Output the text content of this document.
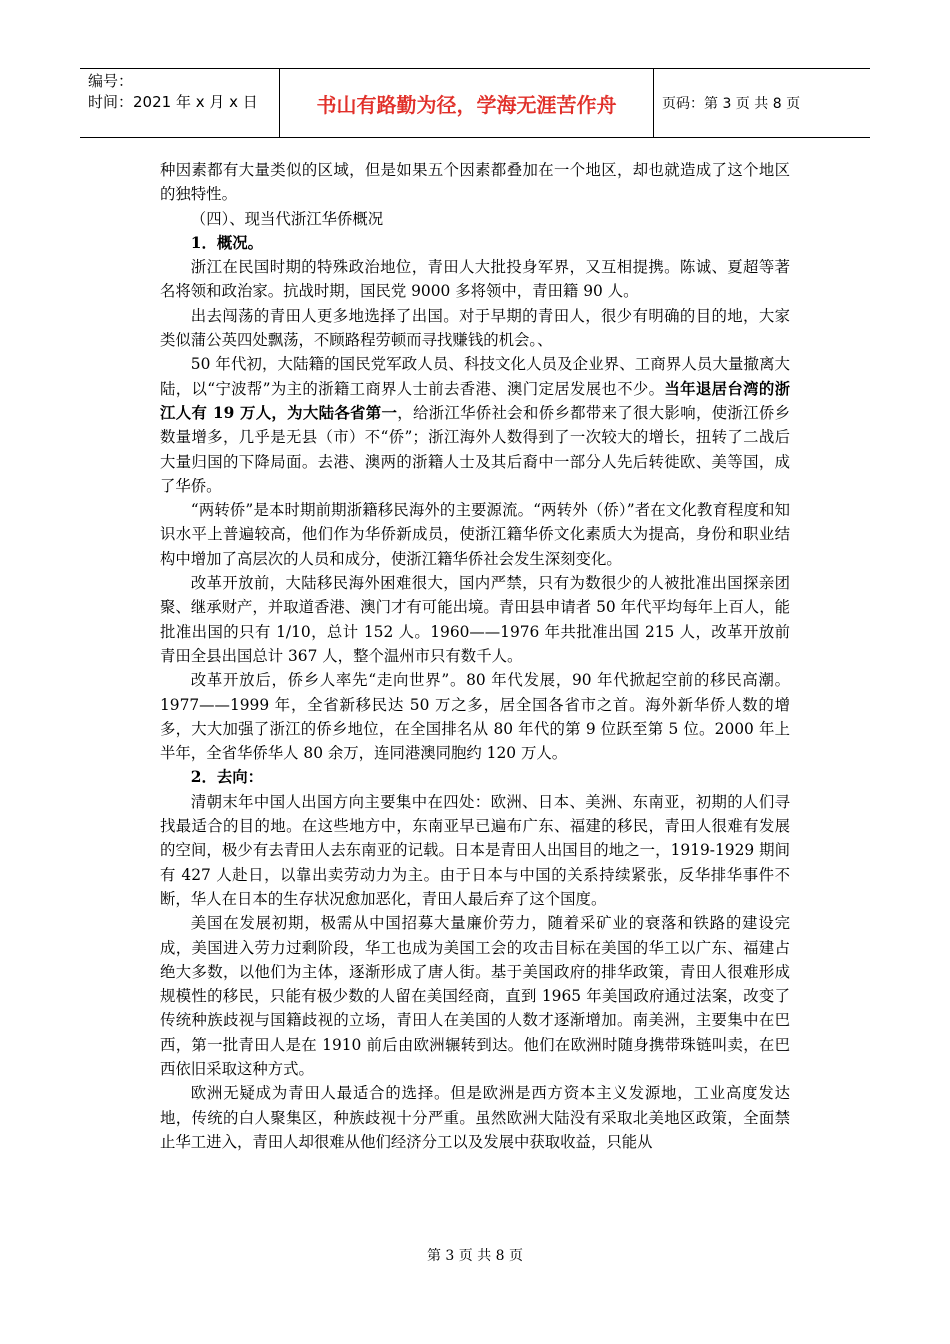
编号：
时间：2021 年 x 月 x 日	书山有路勤为径，学海无涯苦作舟	页码：第 3 页 共 8 页

种因素都有大量类似的区域，但是如果五个因素都叠加在一个地区，却也就造成了这个地区的独特性。

（四）、现当代浙江华侨概况

1．概况。

浙江在民国时期的特殊政治地位，青田人大批投身军界，又互相提携。陈诚、夏超等著名将领和政治家。抗战时期，国民党 9000 多将领中，青田籍 90 人。

出去闯荡的青田人更多地选择了出国。对于早期的青田人，很少有明确的目的地，大家类似蒲公英四处飘荡，不顾路程劳顿而寻找赚钱的机会。、

50 年代初，大陆籍的国民党军政人员、科技文化人员及企业界、工商界人员大量撤离大陆，以“宁波帮”为主的浙籍工商界人士前去香港、澳门定居发展也不少。当年退居台湾的浙江人有 19 万人，为大陆各省第一，给浙江华侨社会和侨乡都带来了很大影响，使浙江侨乡数量增多，几乎是无县（市）不“侨”；浙江海外人数得到了一次较大的增长，扭转了二战后大量归国的下降局面。去港、澳两的浙籍人士及其后裔中一部分人先后转徙欧、美等国，成了华侨。

“两转侨”是本时期前期浙籍移民海外的主要源流。“两转外（侨）”者在文化教育程度和知识水平上普遍较高，他们作为华侨新成员，使浙江籍华侨文化素质大为提高，身份和职业结构中增加了高层次的人员和成分，使浙江籍华侨社会发生深刻变化。

改革开放前，大陆移民海外困难很大，国内严禁，只有为数很少的人被批准出国探亲团聚、继承财产，并取道香港、澳门才有可能出境。青田县申请者 50 年代平均每年上百人，能批准出国的只有 1/10，总计 152 人。1960——1976 年共批准出国 215 人，改革开放前青田全县出国总计 367 人，整个温州市只有数千人。

改革开放后，侨乡人率先“走向世界”。80 年代发展，90 年代掀起空前的移民高潮。1977——1999 年，全省新移民达 50 万之多，居全国各省市之首。海外新华侨人数的增多，大大加强了浙江的侨乡地位，在全国排名从 80 年代的第 9 位跃至第 5 位。2000 年上半年，全省华侨华人 80 余万，连同港澳同胞约 120 万人。

2．去向：

清朝末年中国人出国方向主要集中在四处：欧洲、日本、美洲、东南亚，初期的人们寻找最适合的目的地。在这些地方中，东南亚早已遍布广东、福建的移民，青田人很难有发展的空间，极少有去青田人去东南亚的记载。日本是青田人出国目的地之一，1919-1929 期间有 427 人赴日，以靠出卖劳动力为主。由于日本与中国的关系持续紧张，反华排华事件不断，华人在日本的生存状况愈加恶化，青田人最后弃了这个国度。

美国在发展初期，极需从中国招募大量廉价劳力，随着采矿业的衰落和铁路的建设完成，美国进入劳力过剩阶段，华工也成为美国工会的攻击目标在美国的华工以广东、福建占绝大多数，以他们为主体，逐渐形成了唐人街。基于美国政府的排华政策，青田人很难形成规模性的移民，只能有极少数的人留在美国经商，直到 1965 年美国政府通过法案，改变了传统种族歧视与国籍歧视的立场，青田人在美国的人数才逐渐增加。南美洲，主要集中在巴西，第一批青田人是在 1910 前后由欧洲辗转到达。他们在欧洲时随身携带珠链叫卖，在巴西依旧采取这种方式。

欧洲无疑成为青田人最适合的选择。但是欧洲是西方资本主义发源地，工业高度发达地，传统的白人聚集区，种族歧视十分严重。虽然欧洲大陆没有采取北美地区政策，全面禁止华工进入，青田人却很难从他们经济分工以及发展中获取收益，只能从

第 3 页 共 8 页
